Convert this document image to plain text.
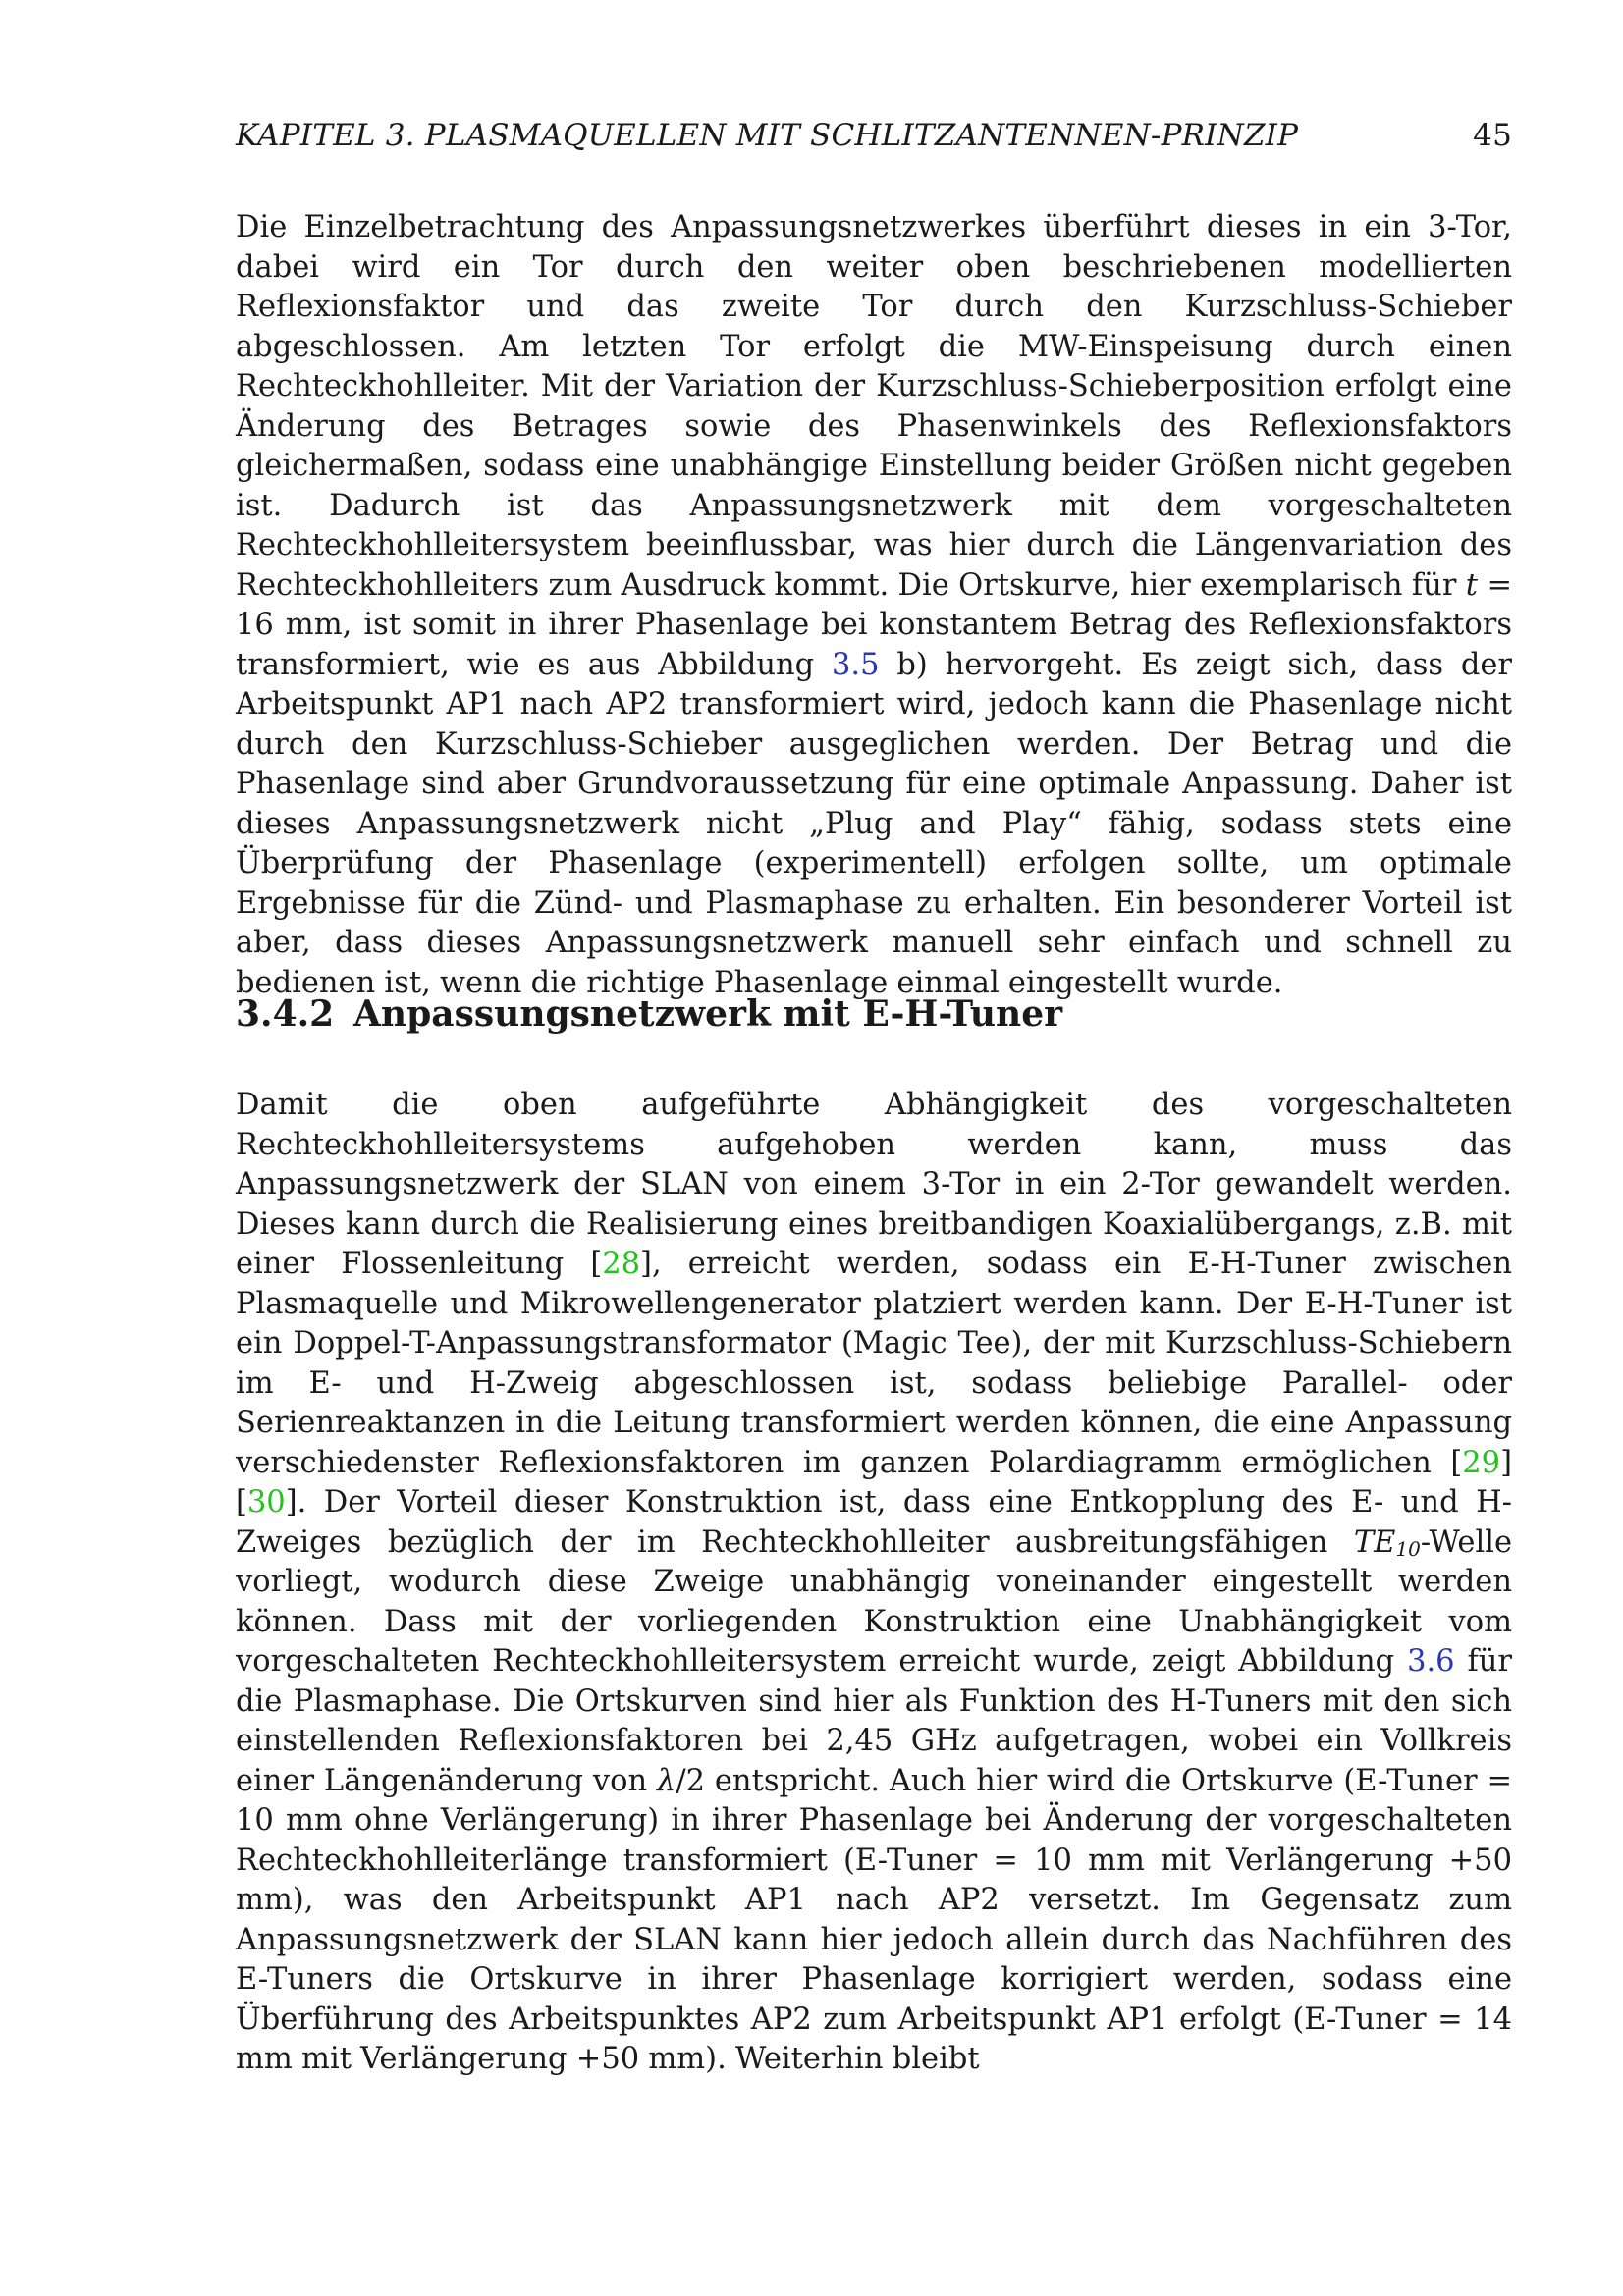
KAPITEL 3. PLASMAQUELLEN MIT SCHLITZANTENNEN-PRINZIP	45

Die Einzelbetrachtung des Anpassungsnetzwerkes überführt dieses in ein 3-Tor, dabei wird ein Tor durch den weiter oben beschriebenen modellierten Reflexionsfaktor und das zweite Tor durch den Kurzschluss-Schieber abgeschlossen. Am letzten Tor erfolgt die MW-Einspeisung durch einen Rechteckhohlleiter. Mit der Variation der Kurzschluss-Schieberposition erfolgt eine Änderung des Betrages sowie des Phasenwinkels des Reflexionsfaktors gleichermaßen, sodass eine unabhängige Einstellung beider Größen nicht gegeben ist. Dadurch ist das Anpassungsnetzwerk mit dem vorgeschalteten Rechteckhohlleitersystem beeinflussbar, was hier durch die Längenvariation des Rechteckhohlleiters zum Ausdruck kommt. Die Ortskurve, hier exemplarisch für t = 16 mm, ist somit in ihrer Phasenlage bei konstantem Betrag des Reflexionsfaktors transformiert, wie es aus Abbildung 3.5 b) hervorgeht. Es zeigt sich, dass der Arbeitspunkt AP1 nach AP2 transformiert wird, jedoch kann die Phasenlage nicht durch den Kurzschluss-Schieber ausgeglichen werden. Der Betrag und die Phasenlage sind aber Grundvoraussetzung für eine optimale Anpassung. Daher ist dieses Anpassungsnetzwerk nicht „Plug and Play“ fähig, sodass stets eine Überprüfung der Phasenlage (experimentell) erfolgen sollte, um optimale Ergebnisse für die Zünd- und Plasmaphase zu erhalten. Ein besonderer Vorteil ist aber, dass dieses Anpassungsnetzwerk manuell sehr einfach und schnell zu bedienen ist, wenn die richtige Phasenlage einmal eingestellt wurde.

3.4.2 Anpassungsnetzwerk mit E-H-Tuner

Damit die oben aufgeführte Abhängigkeit des vorgeschalteten Rechteckhohlleitersystems aufgehoben werden kann, muss das Anpassungsnetzwerk der SLAN von einem 3-Tor in ein 2-Tor gewandelt werden. Dieses kann durch die Realisierung eines breitbandigen Koaxialübergangs, z.B. mit einer Flossenleitung [28], erreicht werden, sodass ein E-H-Tuner zwischen Plasmaquelle und Mikrowellengenerator platziert werden kann. Der E-H-Tuner ist ein Doppel-T-Anpassungstransformator (Magic Tee), der mit Kurzschluss-Schiebern im E- und H-Zweig abgeschlossen ist, sodass beliebige Parallel- oder Serienreaktanzen in die Leitung transformiert werden können, die eine Anpassung verschiedenster Reflexionsfaktoren im ganzen Polardiagramm ermöglichen [29] [30]. Der Vorteil dieser Konstruktion ist, dass eine Entkopplung des E- und H-Zweiges bezüglich der im Rechteckhohlleiter ausbreitungsfähigen $TE_{10}$-Welle vorliegt, wodurch diese Zweige unabhängig voneinander eingestellt werden können. Dass mit der vorliegenden Konstruktion eine Unabhängigkeit vom vorgeschalteten Rechteckhohlleitersystem erreicht wurde, zeigt Abbildung 3.6 für die Plasmaphase. Die Ortskurven sind hier als Funktion des H-Tuners mit den sich einstellenden Reflexionsfaktoren bei 2,45 GHz aufgetragen, wobei ein Vollkreis einer Längenänderung von λ/2 entspricht. Auch hier wird die Ortskurve (E-Tuner = 10 mm ohne Verlängerung) in ihrer Phasenlage bei Änderung der vorgeschalteten Rechteckhohlleiterlänge transformiert (E-Tuner = 10 mm mit Verlängerung +50 mm), was den Arbeitspunkt AP1 nach AP2 versetzt. Im Gegensatz zum Anpassungsnetzwerk der SLAN kann hier jedoch allein durch das Nachführen des E-Tuners die Ortskurve in ihrer Phasenlage korrigiert werden, sodass eine Überführung des Arbeitspunktes AP2 zum Arbeitspunkt AP1 erfolgt (E-Tuner = 14 mm mit Verlängerung +50 mm). Weiterhin bleibt
